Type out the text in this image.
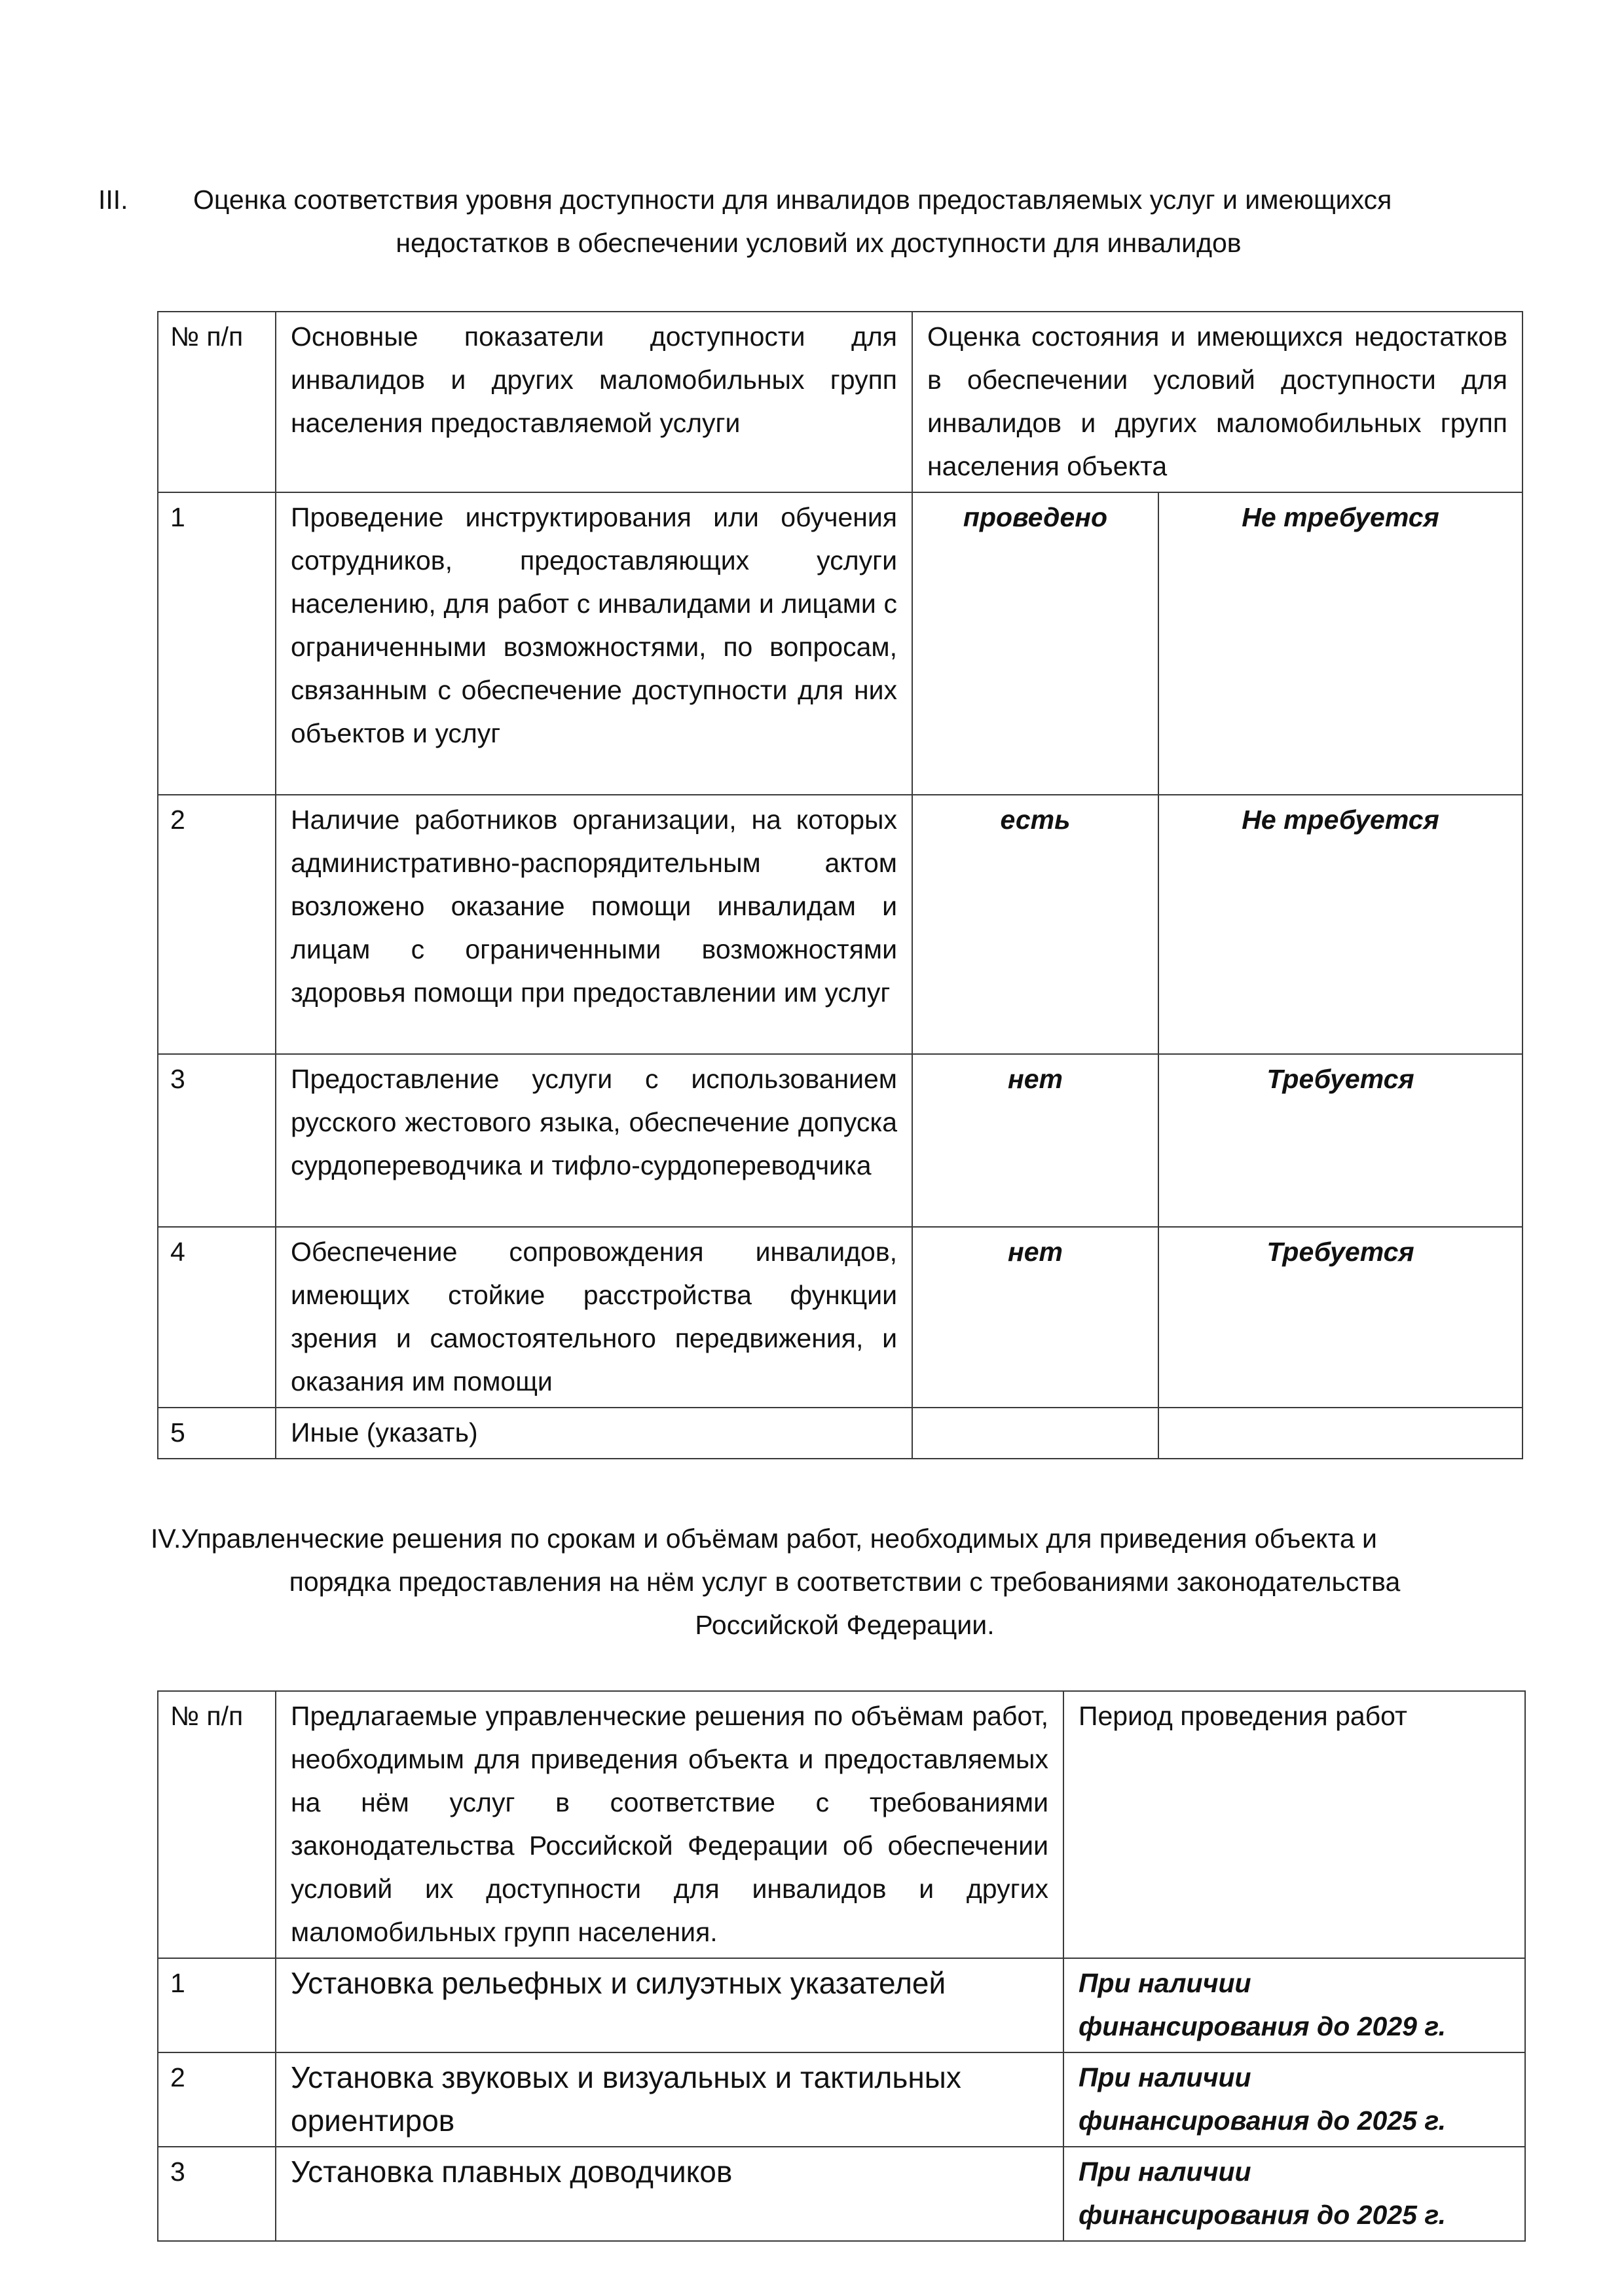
III. Оценка соответствия уровня доступности для инвалидов предоставляемых услуг и имеющихся
недостатков в обеспечении условий их доступности для инвалидов
№ п/п	Основные показатели доступности для инвалидов и других маломобильных групп населения предоставляемой услуги	Оценка состояния и имеющихся недостатков в обеспечении условий доступности для инвалидов и других маломобильных групп населения объекта	
1	Проведение инструктирования или обучения сотрудников, предоставляющих услуги населению, для работ с инвалидами и лицами с ограниченными возможностями, по вопросам, связанным с обеспечение доступности для них объектов и услуг	проведено	Не требуется
2	Наличие работников организации, на которых административно-распорядительным актом возложено оказание помощи инвалидам и лицам с ограниченными возможностями здоровья помощи при предоставлении им услуг	есть	Не требуется
3	Предоставление услуги с использованием русского жестового языка, обеспечение допуска сурдопереводчика и тифло-сурдопереводчика	нет	Требуется
4	Обеспечение сопровождения инвалидов, имеющих стойкие расстройства функции зрения и самостоятельного передвижения, и оказания им помощи	нет	Требуется
5	Иные (указать)		
IV.Управленческие решения по срокам и объёмам работ, необходимых для приведения объекта и
порядка предоставления на нём услуг в соответствии с требованиями законодательства
Российской Федерации.
№ п/п	Предлагаемые управленческие решения по объёмам работ, необходимым для приведения объекта и предоставляемых на нём услуг в соответствие с требованиями законодательства Российской Федерации об обеспечении условий их доступности для инвалидов и других маломобильных групп населения.	Период проведения работ
1	Установка рельефных и силуэтных указателей	При наличии
финансирования до 2029 г.

2	Установка звуковых и визуальных и тактильных ориентиров	При наличии
финансирования до 2025 г.

3	Установка плавных доводчиков	При наличии
финансирования до 2025 г.
